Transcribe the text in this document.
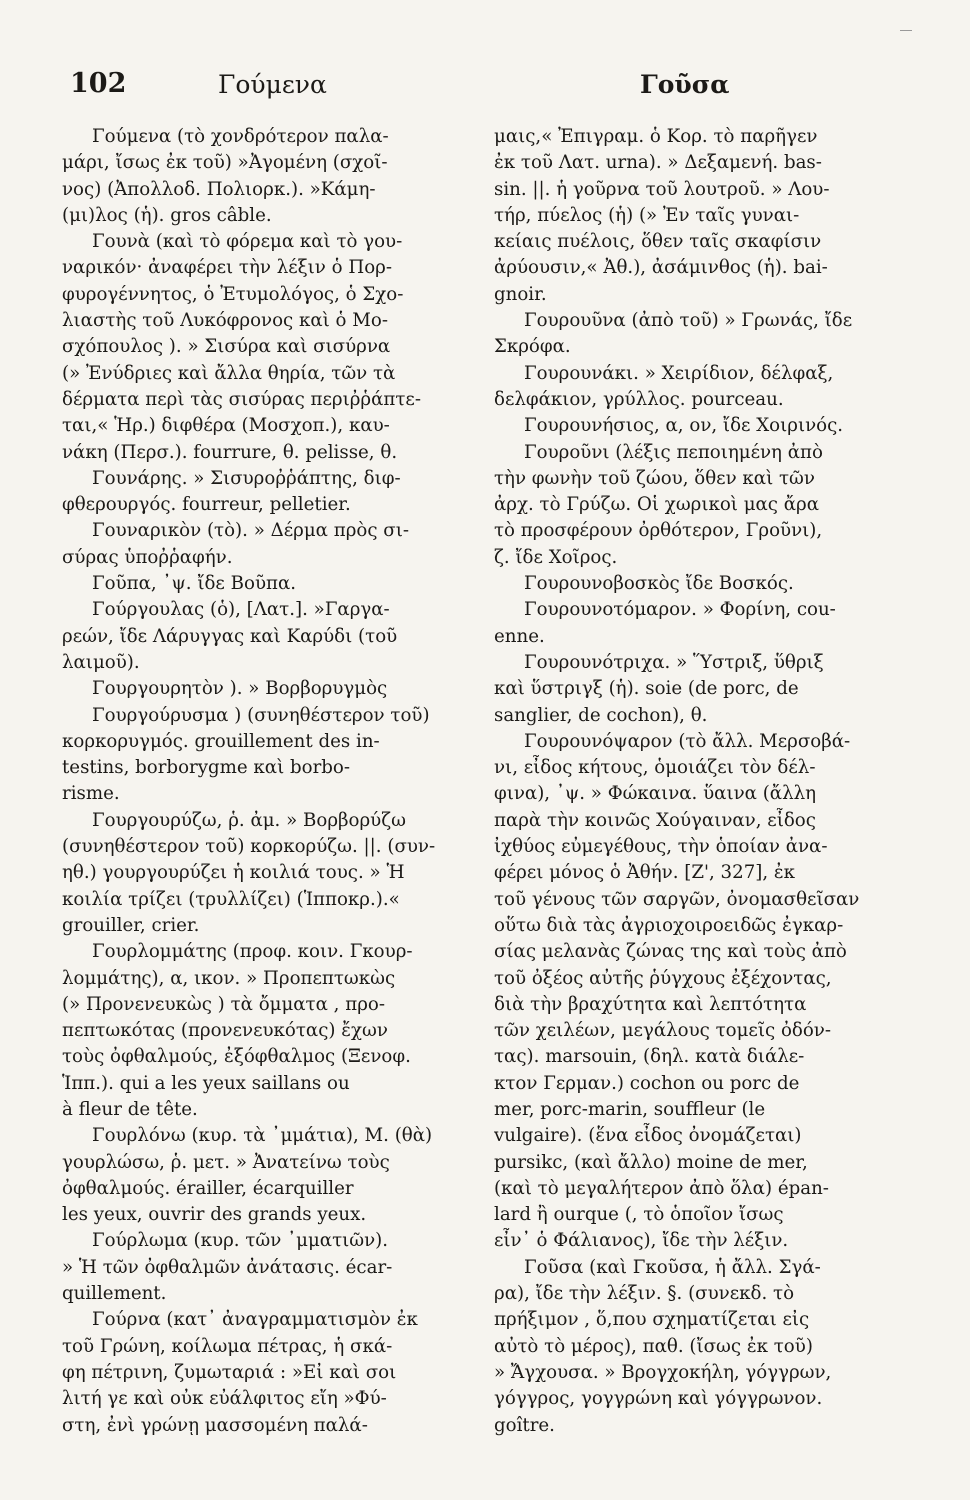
102	Γούμενα	Γοῦσα
Γούμενα (τὸ χονδρότερον παλα-
μάρι, ἴσως ἐκ τοῦ) »Ἀγομένη (σχοῖ-
νος) (Ἀπολλοδ. Πολιορκ.). »Κάμη-
(μι)λος (ἡ). gros câble.
Γουνὰ (καὶ τὸ φόρεμα καὶ τὸ γου-
ναρικόν· ἀναφέρει τὴν λέξιν ὁ Πορ-
φυρογέννητος, ὁ Ἐτυμολόγος, ὁ Σχο-
λιαστὴς τοῦ Λυκόφρονος καὶ ὁ Μο-
σχόπουλος ). » Σισύρα καὶ σισύρνα
(» Ἐνύδριες καὶ ἄλλα θηρία, τῶν τὰ
δέρματα περὶ τὰς σισύρας περιῤῥάπτε-
ται,« Ἡρ.) διφθέρα (Μοσχοπ.), καυ-
νάκη (Περσ.). fourrure, θ. pelisse, θ.
Γουνάρης. » Σισυροῤῥάπτης, διφ-
φθερουργός. fourreur, pelletier.
Γουναρικὸν (τὸ). » Δέρμα πρὸς σι-
σύρας ὑποῤῥαφήν.
Γοῦπα, ᾿ψ. ἴδε Βοῦπα.
Γούργουλας (ὁ), [Λατ.]. »Γαργα-
ρεών, ἴδε Λάρυγγας καὶ Καρύδι (τοῦ
λαιμοῦ).
Γουργουρητὸν ). » Βορβορυγμὸς
Γουργούρυσμα ) (συνηθέστερον τοῦ)
κορκορυγμός. grouillement des in-
testins, borborygme καὶ borbo-
risme.
Γουργουρύζω, ῥ. ἀμ. » Βορβορύζω
(συνηθέστερον τοῦ) κορκορύζω. ||. (συν-
ηθ.) γουργουρύζει ἡ κοιλιά τους. » Ἡ
κοιλία τρίζει (τρυλλίζει) (Ἱπποκρ.).«
grouiller, crier.
Γουρλομμάτης (προφ. κοιν. Γκουρ-
λομμάτης), α, ικον. » Προπεπτωκὼς
(» Προνενευκὼς ) τὰ ὄμματα , προ-
πεπτωκότας (προνενευκότας) ἔχων
τοὺς ὀφθαλμούς, ἐξόφθαλμος (Ξενοφ.
Ἱππ.). qui a les yeux saillans ou
à fleur de tête.
Γουρλόνω (κυρ. τὰ ᾿μμάτια), Μ. (θὰ)
γουρλώσω, ῥ. μετ. » Ἀνατείνω τοὺς
ὀφθαλμούς. érailler, écarquiller
les yeux, ouvrir des grands yeux.
Γούρλωμα (κυρ. τῶν ᾿μματιῶν).
» Ἡ τῶν ὀφθαλμῶν ἀνάτασις. écar-
quillement.
Γούρνα (κατ᾿ ἀναγραμματισμὸν ἐκ
τοῦ Γρώνη, κοίλωμα πέτρας, ἡ σκά-
φη πέτρινη, ζυμωταριά : »Εἰ καὶ σοι
λιτή γε καὶ οὐκ εὐάλφιτος εἴη »Φύ-
στη, ἐνὶ γρώνῃ μασσομένη παλά-
μαις,« Ἐπιγραμ. ὁ Κορ. τὸ παρῆγεν
ἐκ τοῦ Λατ. urna). » Δεξαμενή. bas-
sin. ||. ἡ γοῦρνα τοῦ λουτροῦ. » Λου-
τήρ, πύελος (ἡ) (» Ἐν ταῖς γυναι-
κείαις πυέλοις, ὅθεν ταῖς σκαφίσιν
ἀρύουσιν,« Ἀθ.), ἀσάμινθος (ἡ). bai-
gnoir.
Γουρουῦνα (ἀπὸ τοῦ) » Γρωνάς, ἴδε
Σκρόφα.
Γουρουνάκι. » Χειρίδιον, δέλφαξ,
δελφάκιον, γρύλλος. pourceau.
Γουρουνήσιος, α, ον, ἴδε Χοιρινός.
Γουροῦνι (λέξις πεποιημένη ἀπὸ
τὴν φωνὴν τοῦ ζώου, ὅθεν καὶ τῶν
ἀρχ. τὸ Γρύζω. Οἱ χωρικοὶ μας ἄρα
τὸ προσφέρουν ὀρθότερον, Γροῦνι),
ζ. ἴδε Χοῖρος.
Γουρουνοβοσκὸς ἴδε Βοσκός.
Γουρουνοτόμαρον. » Φορίνη, cou-
enne.
Γουρουνότριχα. » Ὕστριξ, ὕθριξ
καὶ ὕστριγξ (ἡ). soie (de porc, de
sanglier, de cochon), θ.
Γουρουνόψαρον (τὸ ἄλλ. Μερσοβά-
νι, εἶδος κήτους, ὁμοιάζει τὸν δέλ-
φινα), ᾿ψ. » Φώκαινα. ὕαινα (ἄλλη
παρὰ τὴν κοινῶς Χούγαιναν, εἶδος
ἰχθύος εὐμεγέθους, τὴν ὁποίαν ἀνα-
φέρει μόνος ὁ Ἀθήν. [Ζ', 327], ἐκ
τοῦ γένους τῶν σαργῶν, ὀνομασθεῖσαν
οὕτω διὰ τὰς ἀγριοχοιροειδῶς ἐγκαρ-
σίας μελανὰς ζώνας της καὶ τοὺς ἀπὸ
τοῦ ὀξέος αὐτῆς ῥύγχους ἐξέχοντας,
διὰ τὴν βραχύτητα καὶ λεπτότητα
τῶν χειλέων, μεγάλους τομεῖς ὀδόν-
τας). marsouin, (δηλ. κατὰ διάλε-
κτον Γερμαν.) cochon ou porc de
mer, porc-marin, souffleur (le
vulgaire). (ἕνα εἶδος ὀνομάζεται)
pursikc, (καὶ ἄλλο) moine de mer,
(καὶ τὸ μεγαλήτερον ἀπὸ ὅλα) épan-
lard ἢ ourque (, τὸ ὁποῖον ἴσως
εἶν᾿ ὁ Φάλιανος), ἴδε τὴν λέξιν.
Γοῦσα (καὶ Γκοῦσα, ἡ ἄλλ. Σγά-
ρα), ἴδε τὴν λέξιν. §. (συνεκδ. τὸ
πρήξιμον , ὅ,που σχηματίζεται εἰς
αὐτὸ τὸ μέρος), παθ. (ἴσως ἐκ τοῦ)
» Ἄγχουσα. » Βρογχοκήλη, γόγγρων,
γόγγρος, γογγρώνη καὶ γόγγρωνον.
goître.
